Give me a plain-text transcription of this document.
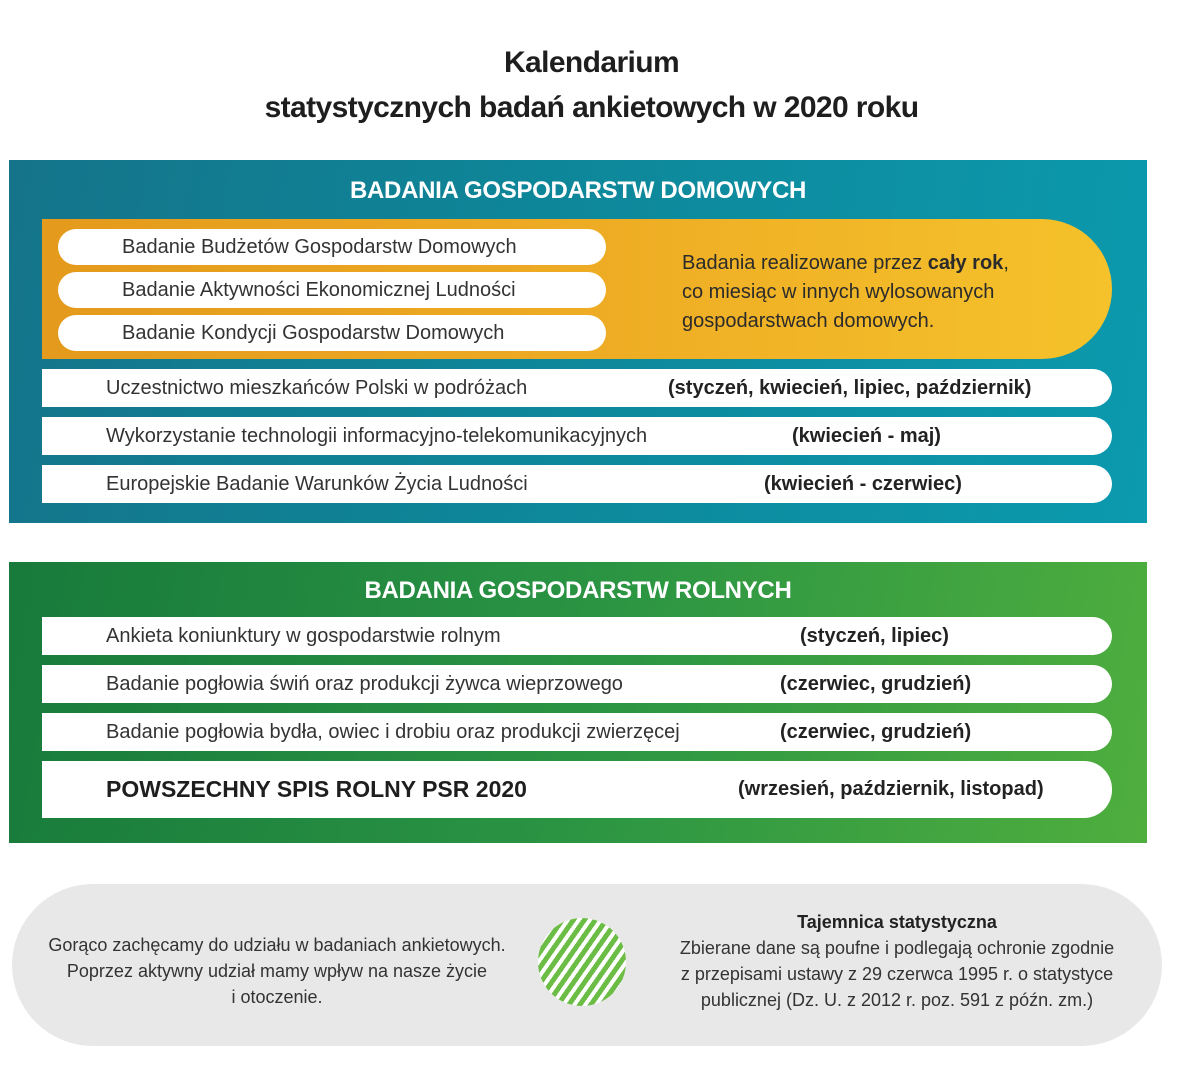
Kalendarium
statystycznych badań ankietowych w 2020 roku
BADANIA GOSPODARSTW DOMOWYCH
Badanie Budżetów Gospodarstw Domowych
Badanie Aktywności Ekonomicznej Ludności
Badanie Kondycji Gospodarstw Domowych
Badania realizowane przez cały rok,
co miesiąc w innych wylosowanych
gospodarstwach domowych.
Uczestnictwo mieszkańców Polski w podróżach	(styczeń, kwiecień, lipiec, październik)
Wykorzystanie technologii informacyjno-telekomunikacyjnych	(kwiecień - maj)
Europejskie Badanie Warunków Życia Ludności	(kwiecień - czerwiec)
BADANIA GOSPODARSTW ROLNYCH
Ankieta koniunktury w gospodarstwie rolnym	(styczeń, lipiec)
Badanie pogłowia świń oraz produkcji żywca wieprzowego	(czerwiec, grudzień)
Badanie pogłowia bydła, owiec i drobiu oraz produkcji zwierzęcej	(czerwiec, grudzień)
POWSZECHNY SPIS ROLNY PSR 2020	(wrzesień, październik, listopad)
Gorąco zachęcamy do udziału w badaniach ankietowych.
Poprzez aktywny udział mamy wpływ na nasze życie
i otoczenie.
Tajemnica statystyczna
Zbierane dane są poufne i podlegają ochronie zgodnie
z przepisami ustawy z 29 czerwca 1995 r. o statystyce
publicznej (Dz. U. z 2012 r. poz. 591 z późn. zm.)
